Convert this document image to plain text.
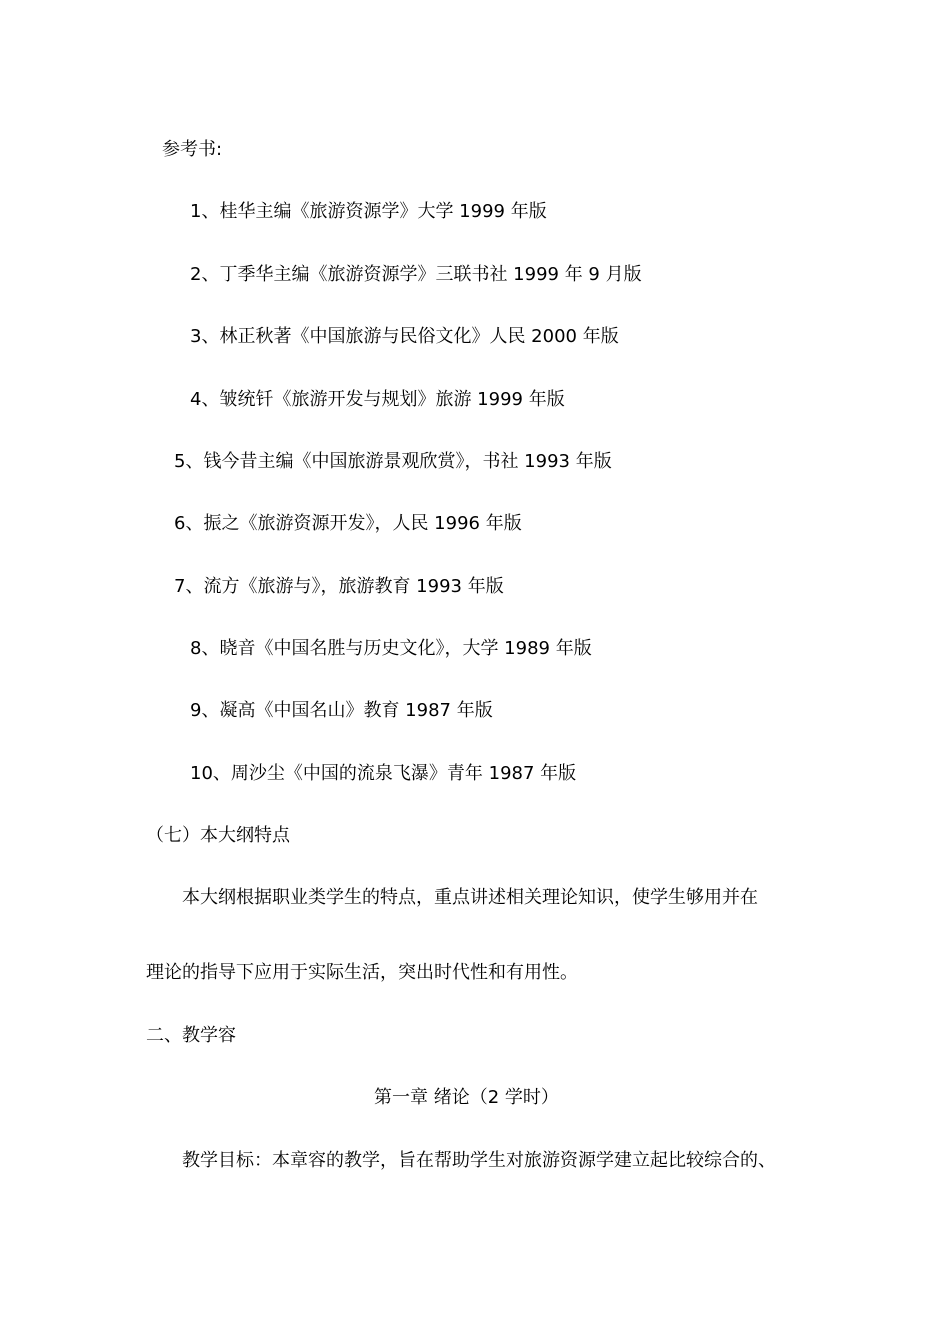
参考书:

1、桂华主编《旅游资源学》大学 1999 年版

2、丁季华主编《旅游资源学》三联书社 1999 年 9 月版

3、林正秋著《中国旅游与民俗文化》人民 2000 年版

4、皱统钎《旅游开发与规划》旅游 1999 年版

5、钱今昔主编《中国旅游景观欣赏》，书社 1993 年版

6、振之《旅游资源开发》，人民 1996 年版

7、流方《旅游与》，旅游教育 1993 年版

8、晓音《中国名胜与历史文化》，大学 1989 年版

9、凝高《中国名山》教育 1987 年版

10、周沙尘《中国的流泉飞瀑》青年 1987 年版

（七）本大纲特点

本大纲根据职业类学生的特点，重点讲述相关理论知识，使学生够用并在

理论的指导下应用于实际生活，突出时代性和有用性。

二、教学容

第一章 绪论（2 学时）

教学目标：本章容的教学，旨在帮助学生对旅游资源学建立起比较综合的、
